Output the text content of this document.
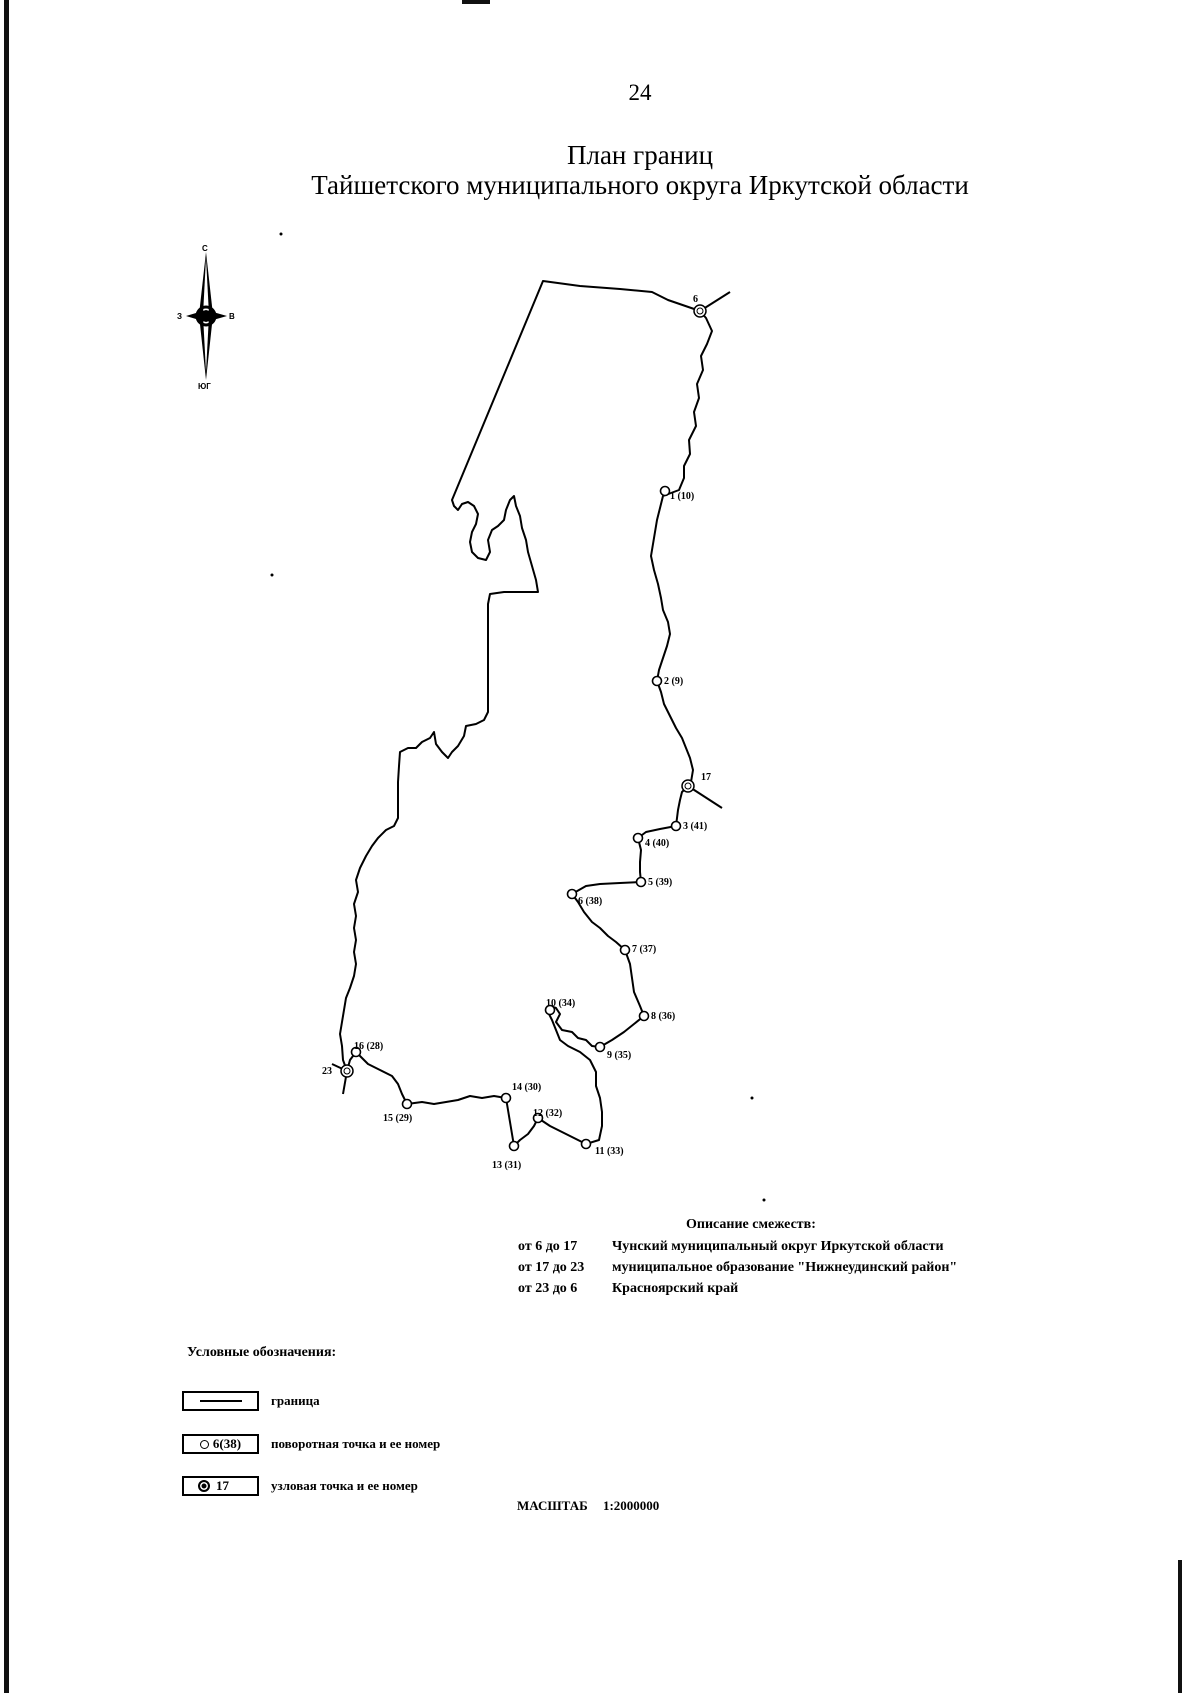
24
План границ
Тайшетского муниципального округа Иркутской области
С
ЮГ
З	В
1 (10)
2 (9)
3 (41)
4 (40)
5 (39)
6 (38)
7 (37)
8 (36)
9 (35)
10 (34)
11 (33)
12 (32)
13 (31)
14 (30)
15 (29)
16 (28)
6
17
23
Описание смежеств:
от 6 до 17	Чунский муниципальный округ Иркутской области
от 17 до 23	муниципальное образование "Нижнеудинский район"
от 23 до 6	Красноярский край
Условные обозначения:
граница
6(38) поворотная точка и ее номер
17	узловая точка и ее номер
МАСШТАБ 1:2000000
